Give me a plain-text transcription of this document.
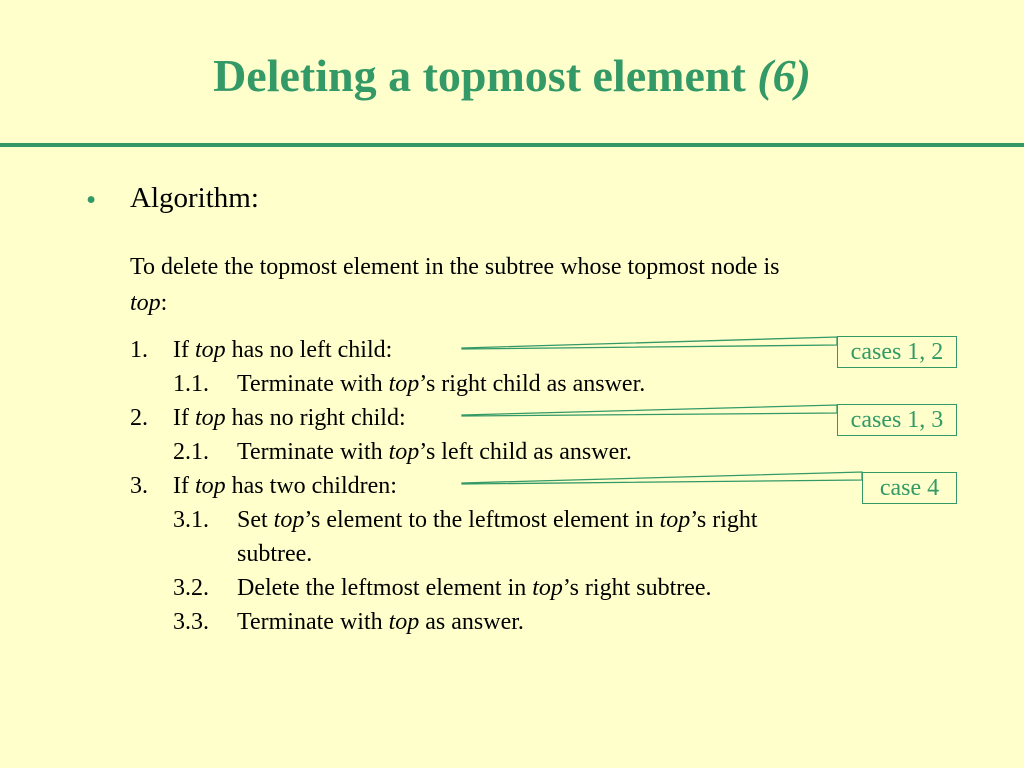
Deleting a topmost element (6)
• Algorithm:
To delete the topmost element in the subtree whose topmost node is
top:
1. If top has no left child:
1.1. Terminate with top’s right child as answer.
2. If top has no right child:
2.1. Terminate with top’s left child as answer.
3. If top has two children:
3.1. Set top’s element to the leftmost element in top’s right
subtree.
3.2. Delete the leftmost element in top’s right subtree.
3.3. Terminate with top as answer.
cases 1, 2
cases 1, 3
case 4
